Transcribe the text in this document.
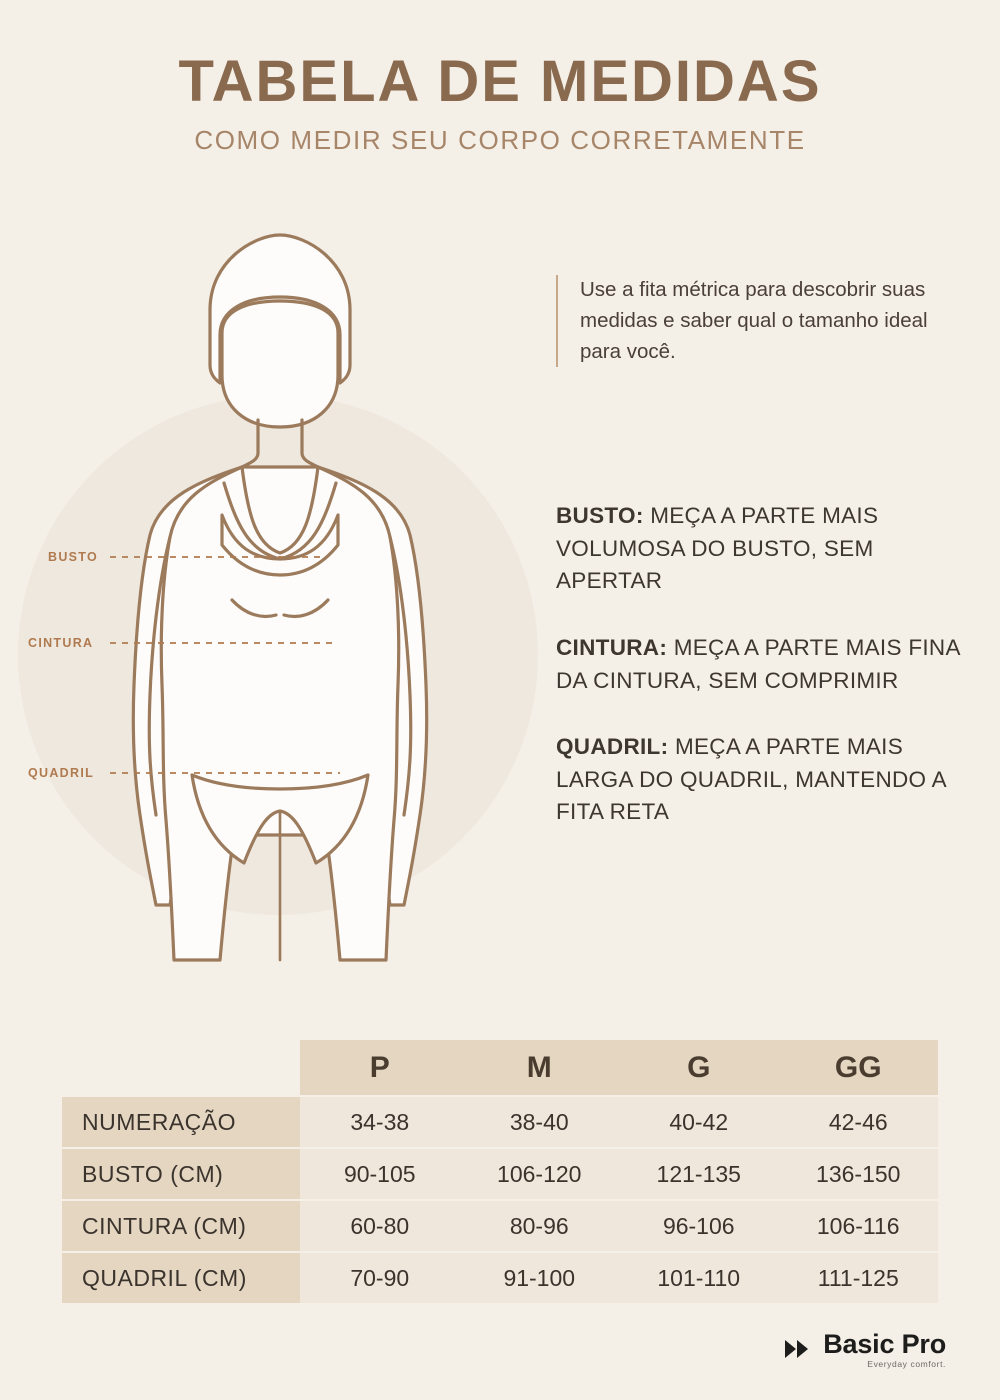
TABELA DE MEDIDAS
COMO MEDIR SEU CORPO CORRETAMENTE
BUSTO
CINTURA
QUADRIL

Use a fita métrica para descobrir suas medidas e saber qual o tamanho ideal para você.

BUSTO: MEÇA A PARTE MAIS VOLUMOSA DO BUSTO, SEM APERTAR

CINTURA: MEÇA A PARTE MAIS FINA DA CINTURA, SEM COMPRIMIR

QUADRIL: MEÇA A PARTE MAIS LARGA DO QUADRIL, MANTENDO A FITA RETA

	P	M	G	GG
NUMERAÇÃO	34-38	38-40	40-42	42-46
BUSTO (CM)	90-105	106-120	121-135	136-150
CINTURA (CM)	60-80	80-96	96-106	106-116
QUADRIL (CM)	70-90	91-100	101-110	111-125
Basic Pro
Everyday comfort.
